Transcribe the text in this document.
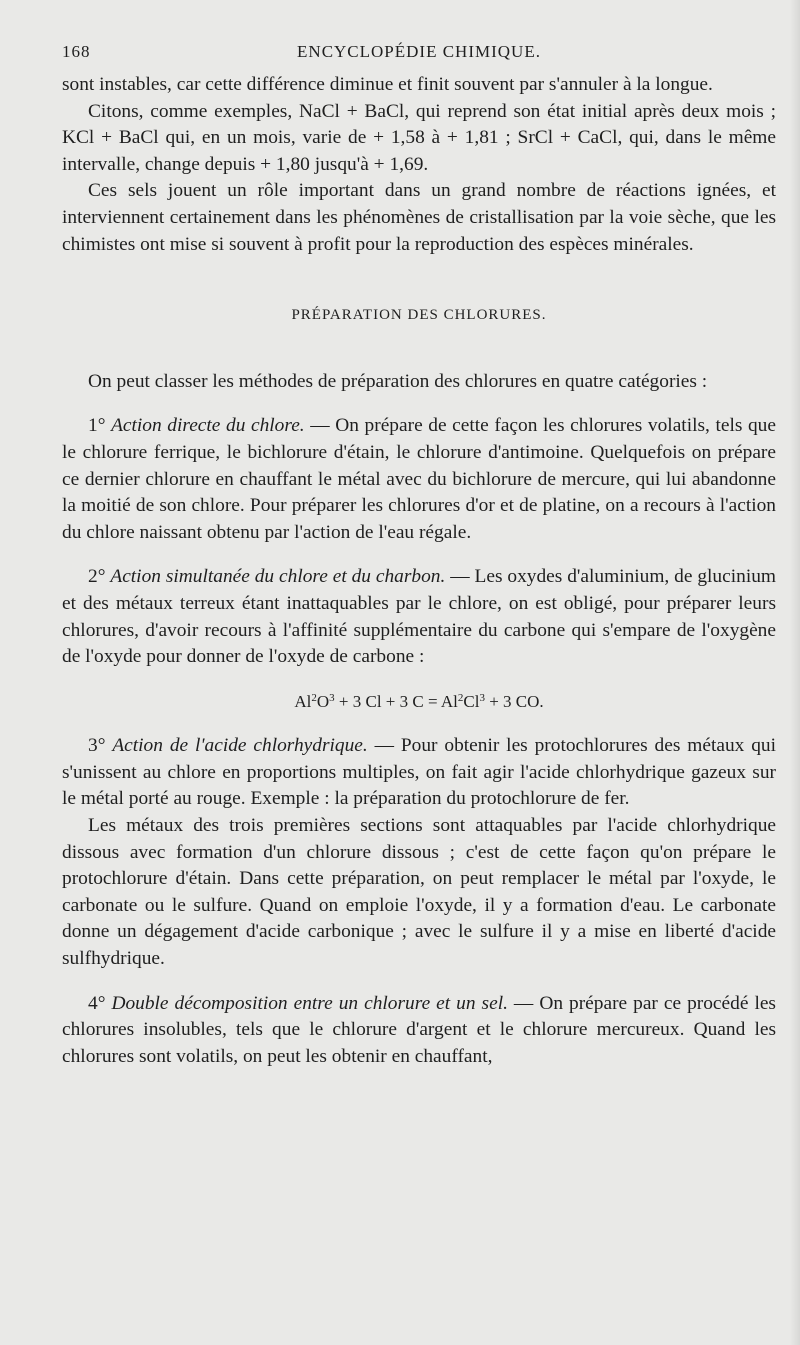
168	ENCYCLOPÉDIE CHIMIQUE.

sont instables, car cette différence diminue et finit souvent par s'annuler à la longue.

Citons, comme exemples, NaCl + BaCl, qui reprend son état initial après deux mois ; KCl + BaCl qui, en un mois, varie de + 1,58 à + 1,81 ; SrCl + CaCl, qui, dans le même intervalle, change depuis + 1,80 jusqu'à + 1,69.

Ces sels jouent un rôle important dans un grand nombre de réactions ignées, et interviennent certainement dans les phénomènes de cristallisation par la voie sèche, que les chimistes ont mise si souvent à profit pour la reproduction des espèces minérales.

PRÉPARATION DES CHLORURES.

On peut classer les méthodes de préparation des chlorures en quatre catégories :

1° Action directe du chlore. — On prépare de cette façon les chlorures volatils, tels que le chlorure ferrique, le bichlorure d'étain, le chlorure d'antimoine. Quelquefois on prépare ce dernier chlorure en chauffant le métal avec du bichlorure de mercure, qui lui abandonne la moitié de son chlore. Pour préparer les chlorures d'or et de platine, on a recours à l'action du chlore naissant obtenu par l'action de l'eau régale.

2° Action simultanée du chlore et du charbon. — Les oxydes d'aluminium, de glucinium et des métaux terreux étant inattaquables par le chlore, on est obligé, pour préparer leurs chlorures, d'avoir recours à l'affinité supplémentaire du carbone qui s'empare de l'oxygène de l'oxyde pour donner de l'oxyde de carbone :

$Al^2O^3 + 3$ Cl + 3 $C = Al^2Cl^3 + 3$ CO.

3° Action de l'acide chlorhydrique. — Pour obtenir les protochlorures des métaux qui s'unissent au chlore en proportions multiples, on fait agir l'acide chlorhydrique gazeux sur le métal porté au rouge. Exemple : la préparation du protochlorure de fer.

Les métaux des trois premières sections sont attaquables par l'acide chlorhydrique dissous avec formation d'un chlorure dissous ; c'est de cette façon qu'on prépare le protochlorure d'étain. Dans cette préparation, on peut remplacer le métal par l'oxyde, le carbonate ou le sulfure. Quand on emploie l'oxyde, il y a formation d'eau. Le carbonate donne un dégagement d'acide carbonique ; avec le sulfure il y a mise en liberté d'acide sulfhydrique.

4° Double décomposition entre un chlorure et un sel. — On prépare par ce procédé les chlorures insolubles, tels que le chlorure d'argent et le chlorure mercureux. Quand les chlorures sont volatils, on peut les obtenir en chauffant,
